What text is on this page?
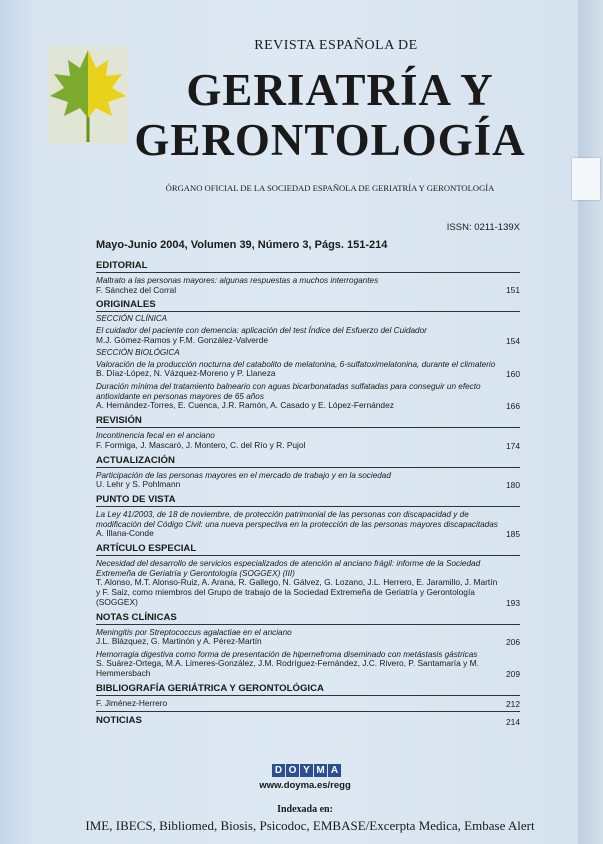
REVISTA ESPAÑOLA DE
GERIATRÍA Y
GERONTOLOGÍA
ÓRGANO OFICIAL DE LA SOCIEDAD ESPAÑOLA DE GERIATRÍA Y GERONTOLOGÍA
ISSN: 0211-139X
Mayo-Junio 2004, Volumen 39, Número 3, Págs. 151-214
EDITORIAL
Maltrato a las personas mayores: algunas respuestas a muchos interrogantes
F. Sánchez del Corral	151
ORIGINALES
SECCIÓN CLÍNICA
El cuidador del paciente con demencia: aplicación del test Índice del Esfuerzo del Cuidador
M.J. Gómez-Ramos y F.M. González-Valverde	154
SECCIÓN BIOLÓGICA
Valoración de la producción nocturna del catabolito de melatonina, 6-sulfatoximelatonina, durante el climaterio
B. Díaz-López, N. Vázquez-Moreno y P. Llaneza	160
Duración mínima del tratamiento balneario con aguas bicarbonatadas sulfatadas para conseguir un efecto antioxidante en personas mayores de 65 años
A. Hernández-Torres, E. Cuenca, J.R. Ramón, A. Casado y E. López-Fernández	166
REVISIÓN
Incontinencia fecal en el anciano
F. Formiga, J. Mascaró, J. Montero, C. del Río y R. Pujol	174
ACTUALIZACIÓN
Participación de las personas mayores en el mercado de trabajo y en la sociedad
U. Lehr y S. Pohlmann	180
PUNTO DE VISTA
La Ley 41/2003, de 18 de noviembre, de protección patrimonial de las personas con discapacidad y de modificación del Código Civil: una nueva perspectiva en la protección de las personas mayores discapacitadas
A. Illana-Conde	185
ARTÍCULO ESPECIAL
Necesidad del desarrollo de servicios especializados de atención al anciano frágil: informe de la Sociedad Extremeña de Geriatría y Gerontología (SOGGEX) (III)
T. Alonso, M.T. Alonso-Ruiz, A. Arana, R. Gallego, N. Gálvez, G. Lozano, J.L. Herrero, E. Jaramillo, J. Martín y F. Saiz, como miembros del Grupo de trabajo de la Sociedad Extremeña de Geriatría y Gerontología (SOGGEX)	193
NOTAS CLÍNICAS
Meningitis por Streptococcus agalactiae en el anciano
J.L. Blázquez, G. Martinón y A. Pérez-Martín	206
Hemorragia digestiva como forma de presentación de hipernefroma diseminado con metástasis gástricas
S. Suárez-Ortega, M.A. Limeres-González, J.M. Rodríguez-Fernández, J.C. Rivero, P. Santamaría y M. Hemmersbach	209
BIBLIOGRAFÍA GERIÁTRICA Y GERONTOLÓGICA
F. Jiménez-Herrero	212
NOTICIAS	214
D O Y M A
www.doyma.es/regg
Indexada en:
IME, IBECS, Bibliomed, Biosis, Psicodoc, EMBASE/Excerpta Medica, Embase Alert
